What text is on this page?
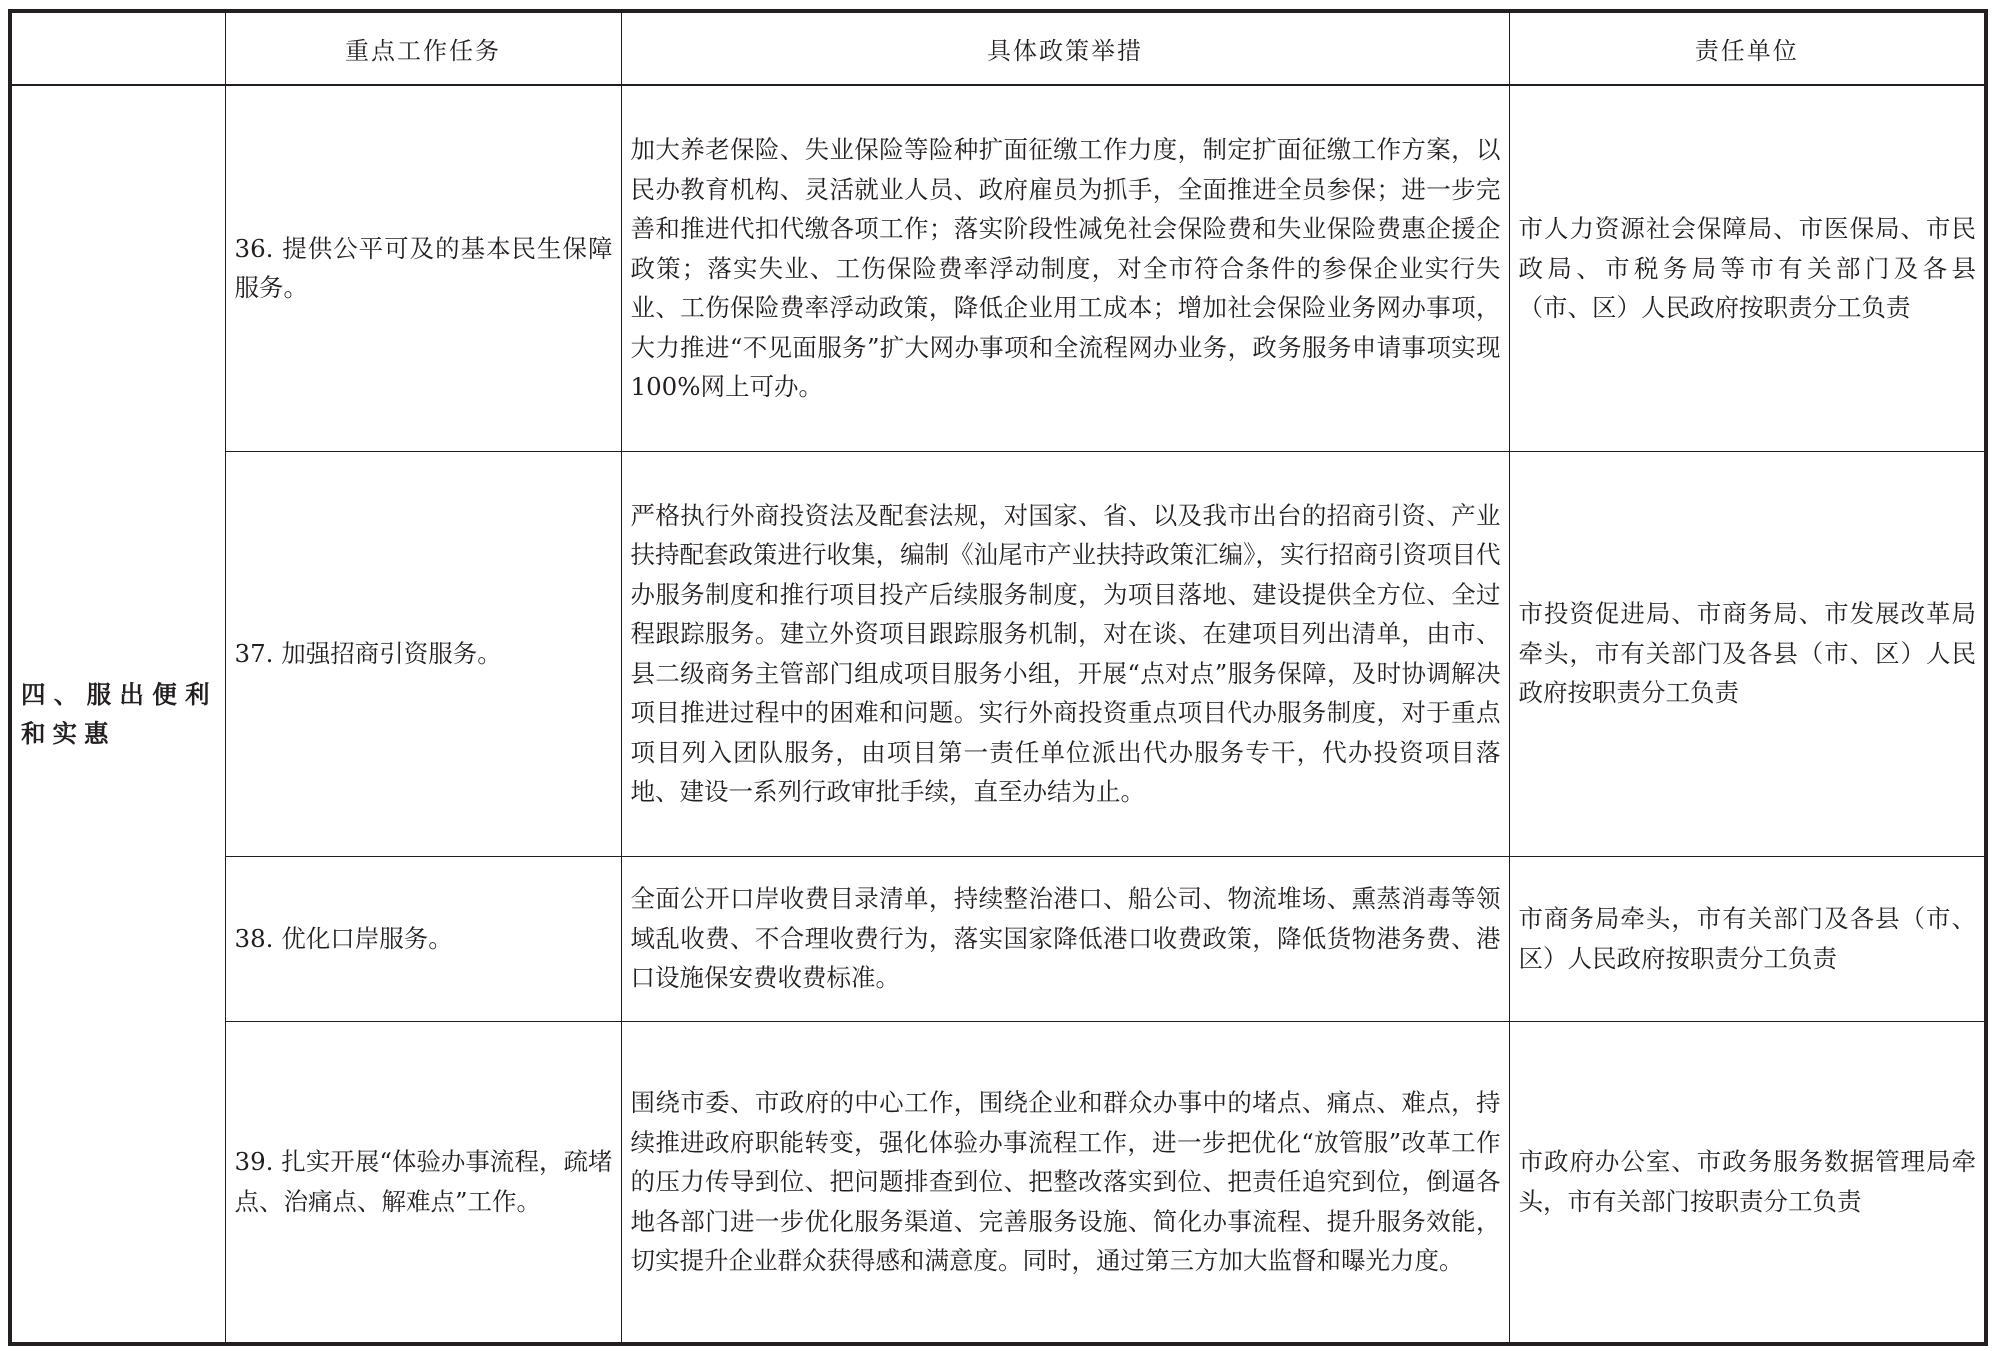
	重点工作任务	具体政策举措	责任单位
四、服出便利和实惠	36. 提供公平可及的基本民生保障服务。	加大养老保险、失业保险等险种扩面征缴工作力度，制定扩面征缴工作方案，以民办教育机构、灵活就业人员、政府雇员为抓手，全面推进全员参保；进一步完善和推进代扣代缴各项工作；落实阶段性减免社会保险费和失业保险费惠企援企政策；落实失业、工伤保险费率浮动制度，对全市符合条件的参保企业实行失业、工伤保险费率浮动政策，降低企业用工成本；增加社会保险业务网办事项，大力推进“不见面服务”扩大网办事项和全流程网办业务，政务服务申请事项实现100%网上可办。	市人力资源社会保障局、市医保局、市民政局、市税务局等市有关部门及各县（市、区）人民政府按职责分工负责
	37. 加强招商引资服务。	严格执行外商投资法及配套法规，对国家、省、以及我市出台的招商引资、产业扶持配套政策进行收集，编制《汕尾市产业扶持政策汇编》，实行招商引资项目代办服务制度和推行项目投产后续服务制度，为项目落地、建设提供全方位、全过程跟踪服务。建立外资项目跟踪服务机制，对在谈、在建项目列出清单，由市、县二级商务主管部门组成项目服务小组，开展“点对点”服务保障，及时协调解决项目推进过程中的困难和问题。实行外商投资重点项目代办服务制度，对于重点项目列入团队服务，由项目第一责任单位派出代办服务专干，代办投资项目落地、建设一系列行政审批手续，直至办结为止。	市投资促进局、市商务局、市发展改革局牵头，市有关部门及各县（市、区）人民政府按职责分工负责
	38. 优化口岸服务。	全面公开口岸收费目录清单，持续整治港口、船公司、物流堆场、熏蒸消毒等领域乱收费、不合理收费行为，落实国家降低港口收费政策，降低货物港务费、港口设施保安费收费标准。	市商务局牵头，市有关部门及各县（市、区）人民政府按职责分工负责
	39. 扎实开展“体验办事流程，疏堵点、治痛点、解难点”工作。	围绕市委、市政府的中心工作，围绕企业和群众办事中的堵点、痛点、难点，持续推进政府职能转变，强化体验办事流程工作，进一步把优化“放管服”改革工作的压力传导到位、把问题排查到位、把整改落实到位、把责任追究到位，倒逼各地各部门进一步优化服务渠道、完善服务设施、简化办事流程、提升服务效能，切实提升企业群众获得感和满意度。同时，通过第三方加大监督和曝光力度。	市政府办公室、市政务服务数据管理局牵头，市有关部门按职责分工负责
